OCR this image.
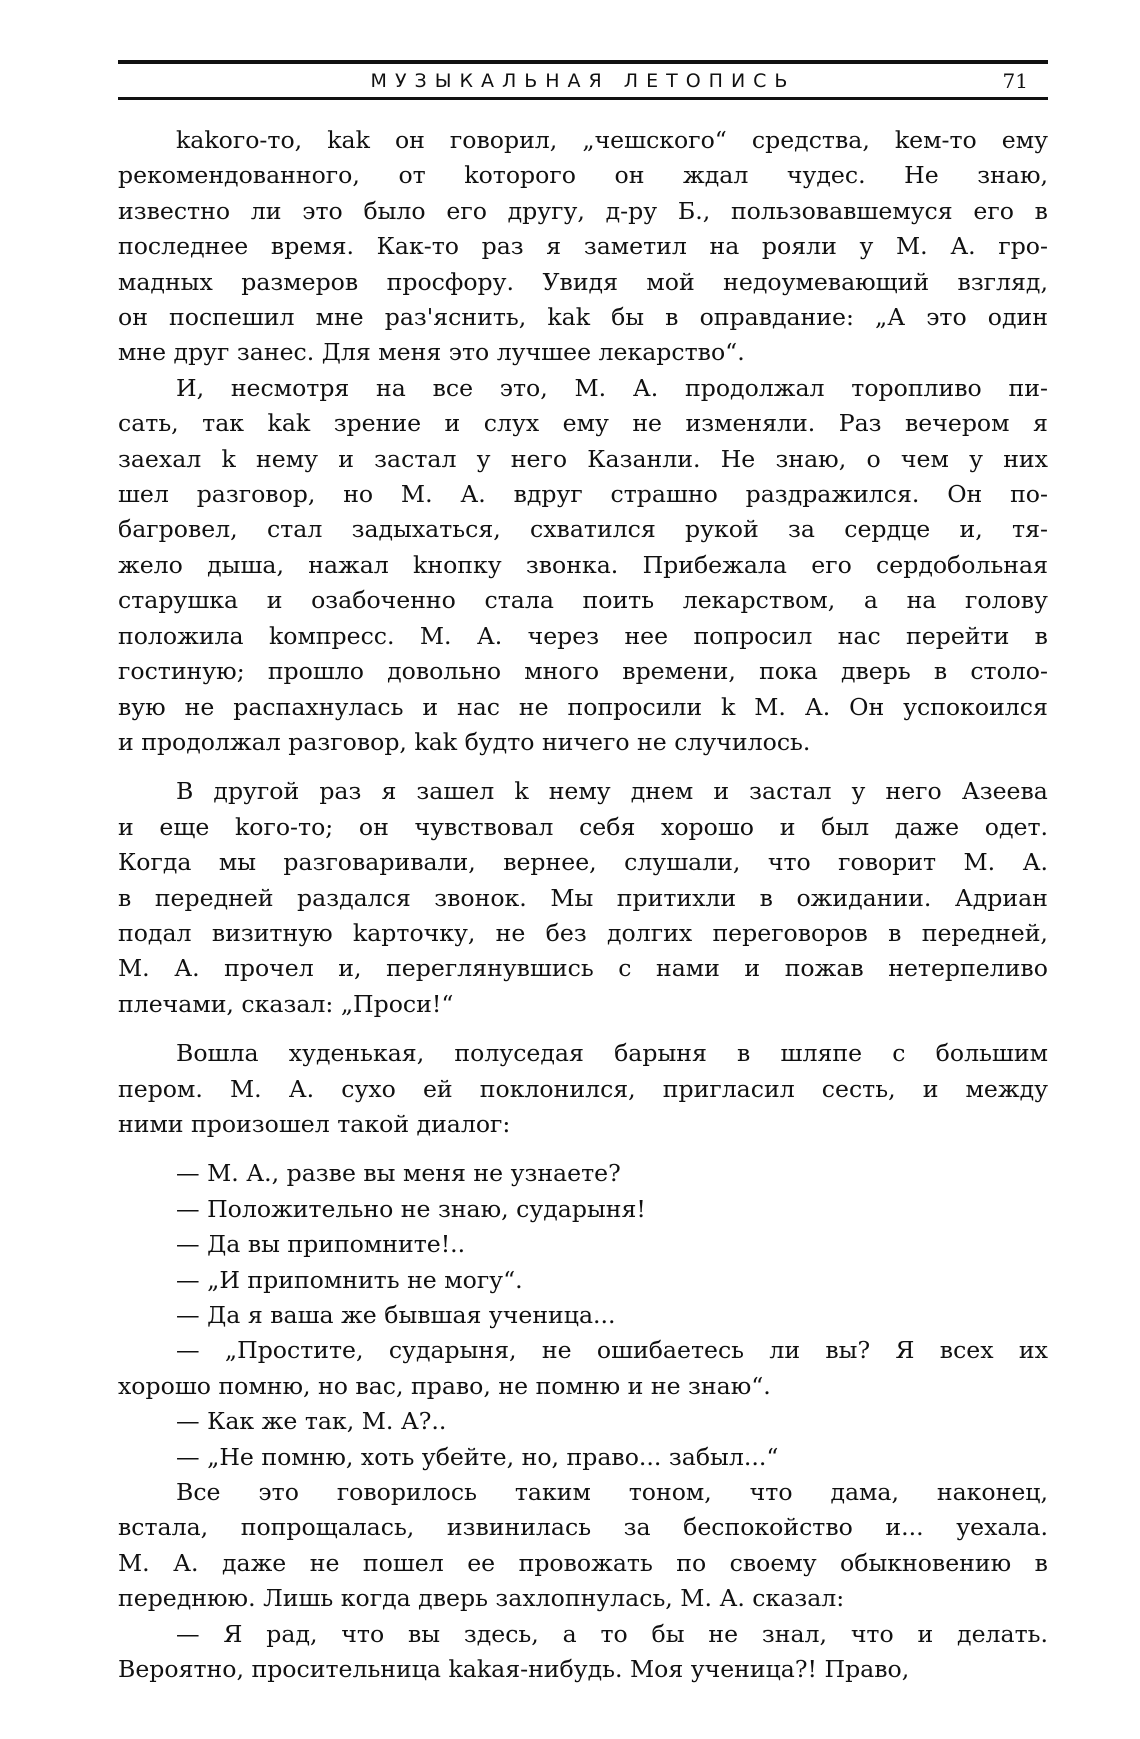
МУЗЫКАЛЬНАЯ ЛЕТОПИСЬ	71
kakого-то, kak он говорил, „чешского“ средства, kем-то ему
рекомендованного, от kоторого он ждал чудес. Не знаю,
известно ли это было его другу, д-ру Б., пользовавшемуся его в
последнее время. Как-то раз я заметил на рояли у М. А. гро-
мадных размеров просфору. Увидя мой недоумевающий взгляд,
он поспешил мне раз'яснить, kak бы в оправдание: „А это один
мне друг занес. Для меня это лучшее лекарство“.
И, несмотря на все это, М. А. продолжал торопливо пи-
сать, так kak зрение и слух ему не изменяли. Раз вечером я
заехал k нему и застал у него Казанли. Не знаю, о чем у них
шел разговор, но М. А. вдруг страшно раздражился. Он по-
багровел, стал задыхаться, схватился рукой за сердце и, тя-
жело дыша, нажал kнопку звонка. Прибежала его сердобольная
старушка и озабоченно стала поить лекарством, а на голову
положила kомпресс. М. А. через нее попросил нас перейти в
гостиную; прошло довольно много времени, пока дверь в столо-
вую не распахнулась и нас не попросили k М. А. Он успокоился
и продолжал разговор, kak будто ничего не случилось.
В другой раз я зашел k нему днем и застал у него Азеева
и еще kого-то; он чувствовал себя хорошо и был даже одет.
Когда мы разговаривали, вернее, слушали, что говорит М. А.
в передней раздался звонок. Мы притихли в ожидании. Адриан
подал визитную kарточку, не без долгих переговоров в передней,
М. А. прочел и, переглянувшись с нами и пожав нетерпеливо
плечами, сказал: „Проси!“
Вошла худенькая, полуседая барыня в шляпе с большим
пером. М. А. сухо ей поклонился, пригласил сесть, и между
ними произошел такой диалог:
— М. А., разве вы меня не узнаете?
— Положительно не знаю, сударыня!
— Да вы припомните!..
— „И припомнить не могу“.
— Да я ваша же бывшая ученица...
— „Простите, сударыня, не ошибаетесь ли вы? Я всех их
хорошо помню, но вас, право, не помню и не знаю“.
— Как же так, М. А?..
— „Не помню, хоть убейте, но, право... забыл...“
Все это говорилось таким тоном, что дама, наконец,
встала, попрощалась, извинилась за беспокойство и... уехала.
М. А. даже не пошел ее провожать по своему обыкновению в
переднюю. Лишь когда дверь захлопнулась, М. А. сказал:
— Я рад, что вы здесь, а то бы не знал, что и делать.
Вероятно, просительница kakая-нибудь. Моя ученица?! Право,
